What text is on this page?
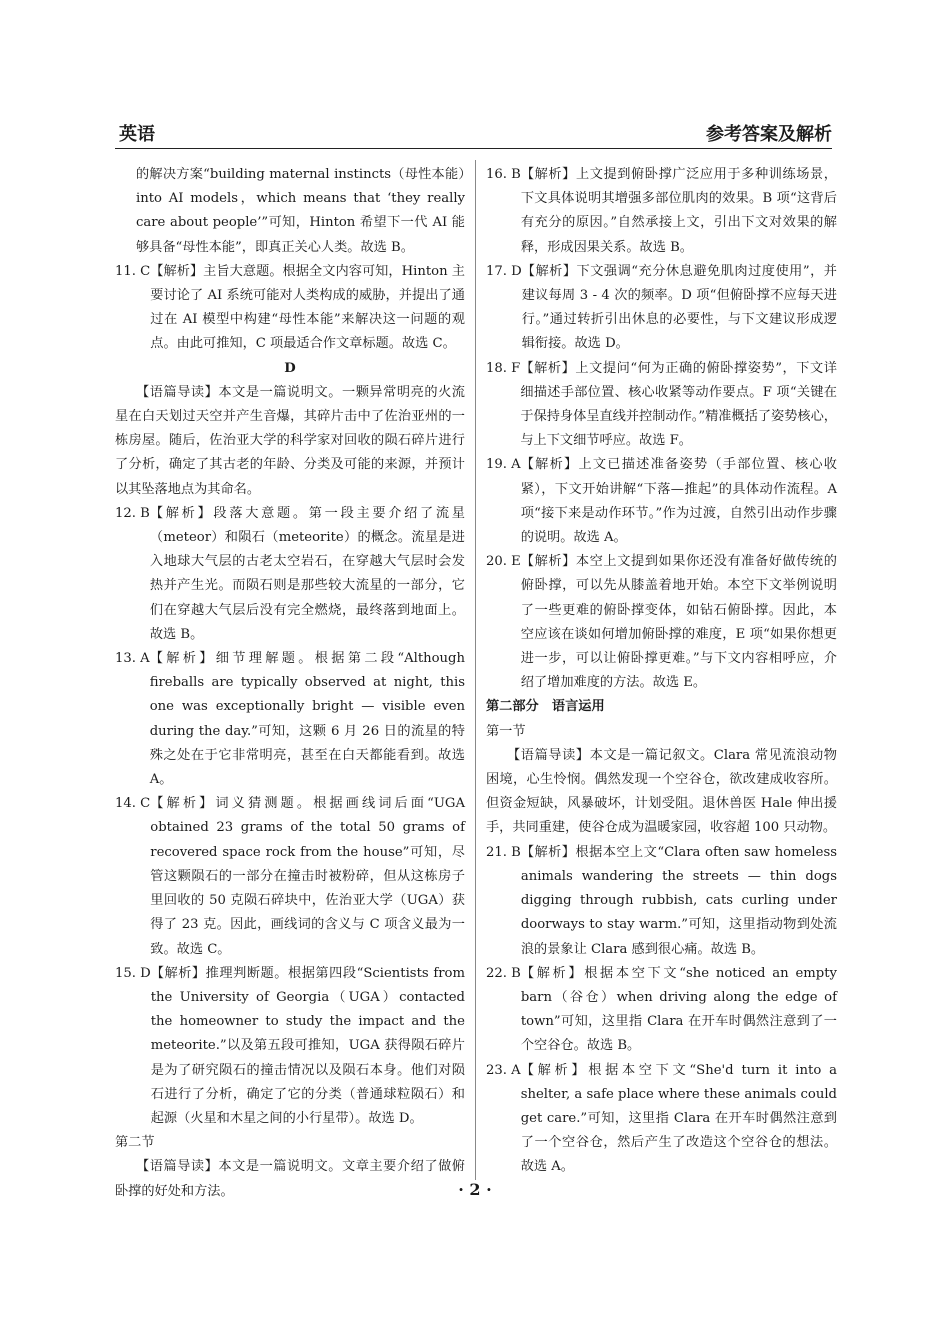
英语	参考答案及解析

的解决方案“building maternal instincts（母性本能）into AI models，which means that ‘they really care about people’”可知，Hinton 希望下一代 AI 能够具备“母性本能”，即真正关心人类。故选 B。

11. C 【解析】主旨大意题。根据全文内容可知，Hinton 主要讨论了 AI 系统可能对人类构成的威胁，并提出了通过在 AI 模型中构建“母性本能”来解决这一问题的观点。由此可推知，C 项最适合作文章标题。故选 C。

D

【语篇导读】本文是一篇说明文。一颗异常明亮的火流星在白天划过天空并产生音爆，其碎片击中了佐治亚州的一栋房屋。随后，佐治亚大学的科学家对回收的陨石碎片进行了分析，确定了其古老的年龄、分类及可能的来源，并预计以其坠落地点为其命名。

12. B 【解析】段落大意题。第一段主要介绍了流星（meteor）和陨石（meteorite）的概念。流星是进入地球大气层的古老太空岩石，在穿越大气层时会发热并产生光。而陨石则是那些较大流星的一部分，它们在穿越大气层后没有完全燃烧，最终落到地面上。故选 B。
13. A 【解析】细节理解题。根据第二段“Although fireballs are typically observed at night, this one was exceptionally bright — visible even during the day.”可知，这颗 6 月 26 日的流星的特殊之处在于它非常明亮，甚至在白天都能看到。故选 A。
14. C 【解析】词义猜测题。根据画线词后面“UGA obtained 23 grams of the total 50 grams of recovered space rock from the house”可知，尽管这颗陨石的一部分在撞击时被粉碎，但从这栋房子里回收的 50 克陨石碎块中，佐治亚大学（UGA）获得了 23 克。因此，画线词的含义与 C 项含义最为一致。故选 C。
15. D 【解析】推理判断题。根据第四段“Scientists from the University of Georgia（UGA）contacted the homeowner to study the impact and the meteorite.”以及第五段可推知，UGA 获得陨石碎片是为了研究陨石的撞击情况以及陨石本身。他们对陨石进行了分析，确定了它的分类（普通球粒陨石）和起源（火星和木星之间的小行星带）。故选 D。

第二节

【语篇导读】本文是一篇说明文。文章主要介绍了做俯卧撑的好处和方法。

16. B 【解析】上文提到俯卧撑广泛应用于多种训练场景，下文具体说明其增强多部位肌肉的效果。B 项“这背后有充分的原因。”自然承接上文，引出下文对效果的解释，形成因果关系。故选 B。
17. D 【解析】下文强调“充分休息避免肌肉过度使用”，并建议每周 3 - 4 次的频率。D 项“但俯卧撑不应每天进行。”通过转折引出休息的必要性，与下文建议形成逻辑衔接。故选 D。
18. F 【解析】上文提问“何为正确的俯卧撑姿势”，下文详细描述手部位置、核心收紧等动作要点。F 项“关键在于保持身体呈直线并控制动作。”精准概括了姿势核心，与上下文细节呼应。故选 F。
19. A 【解析】上文已描述准备姿势（手部位置、核心收紧），下文开始讲解“下落—推起”的具体动作流程。A 项“接下来是动作环节。”作为过渡，自然引出动作步骤的说明。故选 A。
20. E 【解析】本空上文提到如果你还没有准备好做传统的俯卧撑，可以先从膝盖着地开始。本空下文举例说明了一些更难的俯卧撑变体，如钻石俯卧撑。因此，本空应该在谈如何增加俯卧撑的难度，E 项“如果你想更进一步，可以让俯卧撑更难。”与下文内容相呼应，介绍了增加难度的方法。故选 E。

第二部分　语言运用

第一节

【语篇导读】本文是一篇记叙文。Clara 常见流浪动物困境，心生怜悯。偶然发现一个空谷仓，欲改建成收容所。但资金短缺，风暴破坏，计划受阻。退休兽医 Hale 伸出援手，共同重建，使谷仓成为温暖家园，收容超 100 只动物。

21. B 【解析】根据本空上文“Clara often saw homeless animals wandering the streets — thin dogs digging through rubbish, cats curling under doorways to stay warm.”可知，这里指动物到处流浪的景象让 Clara 感到很心痛。故选 B。
22. B 【解析】根据本空下文“she noticed an empty barn（谷仓）when driving along the edge of town”可知，这里指 Clara 在开车时偶然注意到了一个空谷仓。故选 B。
23. A 【解析】根据本空下文“She'd turn it into a shelter, a safe place where these animals could get care.”可知，这里指 Clara 在开车时偶然注意到了一个空谷仓，然后产生了改造这个空谷仓的想法。故选 A。
· 2 ·
